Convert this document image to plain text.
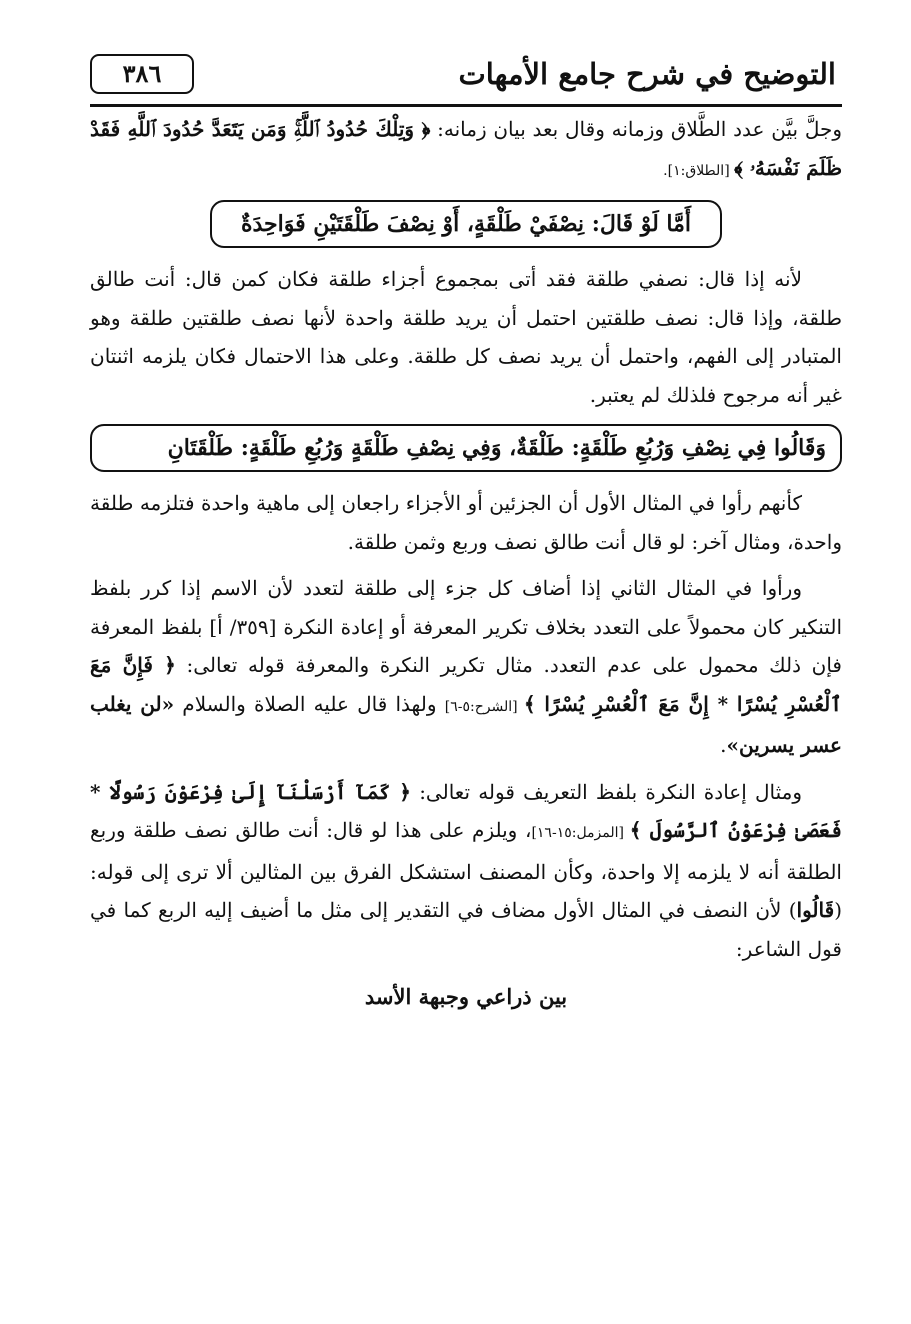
التوضيح في شرح جامع الأمهات
٣٨٦

وجلَّ بيَّن عدد الطَّلاق وزمانه وقال بعد بيان زمانه: ﴿ وَتِلْكَ حُدُودُ ٱللَّهِۚ وَمَن يَتَعَدَّ حُدُودَ ٱللَّهِ فَقَدْ ظَلَمَ نَفْسَهُۥ ﴾ [الطلاق:١].

أَمَّا لَوْ قَالَ: نِصْفَيْ طَلْقَةٍ، أَوْ نِصْفَ طَلْقَتَيْنِ فَوَاحِدَةٌ

لأنه إذا قال: نصفي طلقة فقد أتى بمجموع أجزاء طلقة فكان كمن قال: أنت طالق طلقة، وإذا قال: نصف طلقتين احتمل أن يريد طلقة واحدة لأنها نصف طلقتين طلقة وهو المتبادر إلى الفهم، واحتمل أن يريد نصف كل طلقة. وعلى هذا الاحتمال فكان يلزمه اثنتان غير أنه مرجوح فلذلك لم يعتبر.

وَقَالُوا فِي نِصْفِ وَرُبُعِ طَلْقَةٍ: طَلْقَةٌ، وَفِي نِصْفِ طَلْقَةٍ وَرُبُعِ طَلْقَةٍ: طَلْقَتَانِ

كأنهم رأوا في المثال الأول أن الجزئين أو الأجزاء راجعان إلى ماهية واحدة فتلزمه طلقة واحدة، ومثال آخر: لو قال أنت طالق نصف وربع وثمن طلقة.

ورأوا في المثال الثاني إذا أضاف كل جزء إلى طلقة لتعدد لأن الاسم إذا كرر بلفظ التنكير كان محمولاً على التعدد بخلاف تكرير المعرفة أو إعادة النكرة [٣٥٩/ أ] بلفظ المعرفة فإن ذلك محمول على عدم التعدد. مثال تكرير النكرة والمعرفة قوله تعالى: ﴿ فَإِنَّ مَعَ ٱلْعُسْرِ يُسْرًا * إِنَّ مَعَ ٱلْعُسْرِ يُسْرًا ﴾ [الشرح:٥-٦] ولهذا قال عليه الصلاة والسلام «لن يغلب عسر يسرين».

ومثال إعادة النكرة بلفظ التعريف قوله تعالى: ﴿ كَمَآ أَرْسَلْنَآ إِلَىٰ فِرْعَوْنَ رَسُولًا * فَعَصَىٰ فِرْعَوْنُ ٱلرَّسُولَ ﴾ [المزمل:١٥-١٦]، ويلزم على هذا لو قال: أنت طالق نصف طلقة وربع الطلقة أنه لا يلزمه إلا واحدة، وكأن المصنف استشكل الفرق بين المثالين ألا ترى إلى قوله: (قَالُوا) لأن النصف في المثال الأول مضاف في التقدير إلى مثل ما أضيف إليه الربع كما في قول الشاعر:

بين ذراعي وجبهة الأسد
